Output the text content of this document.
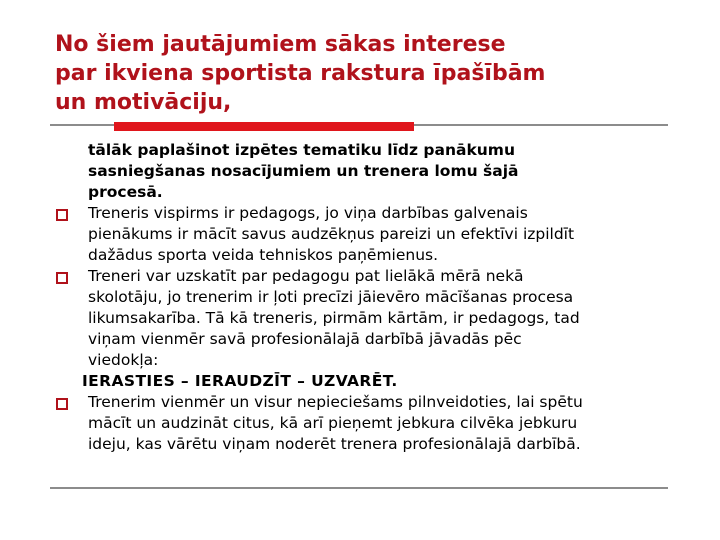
No šiem jautājumiem sākas interese
par ikviena sportista rakstura īpašībām
un motivāciju,
tālāk paplašinot izpētes tematiku līdz panākumu
sasniegšanas nosacījumiem un trenera lomu šajā
procesā.
Treneris vispirms ir pedagogs, jo viņa darbības galvenais
pienākums ir mācīt savus audzēkņus pareizi un efektīvi izpildīt
dažādus sporta veida tehniskos paņēmienus.
Treneri var uzskatīt par pedagogu pat lielākā mērā nekā
skolotāju, jo trenerim ir ļoti precīzi jāievēro mācīšanas procesa
likumsakarība. Tā kā treneris, pirmām kārtām, ir pedagogs, tad
viņam vienmēr savā profesionālajā darbībā jāvadās pēc
viedokļa:
IERASTIES – IERAUDZĪT – UZVARĒT.
Trenerim vienmēr un visur nepieciešams pilnveidoties, lai spētu
mācīt un audzināt citus, kā arī pieņemt jebkura cilvēka jebkuru
ideju, kas vārētu viņam noderēt trenera profesionālajā darbībā.
